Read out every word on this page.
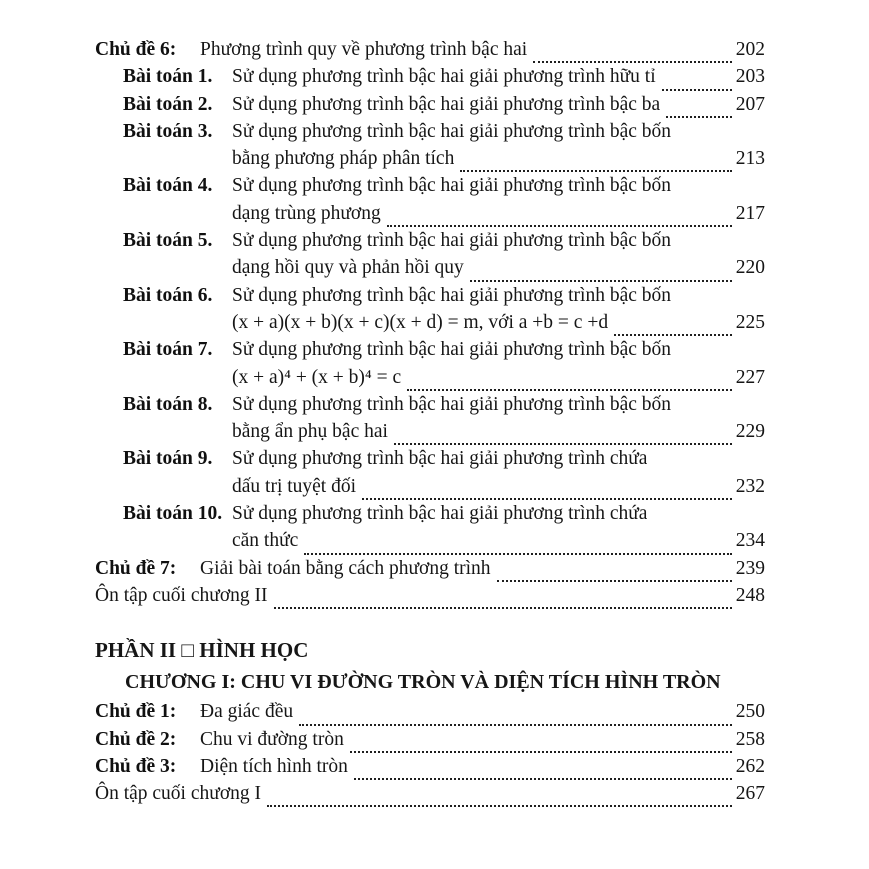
Chủ đề 6:	Phương trình quy về phương trình bậc hai	202
Bài toán 1.	Sử dụng phương trình bậc hai giải phương trình hữu tỉ	203
Bài toán 2.	Sử dụng phương trình bậc hai giải phương trình bậc ba	207
Bài toán 3.	Sử dụng phương trình bậc hai giải phương trình bậc bốn
bằng phương pháp phân tích	213
Bài toán 4.	Sử dụng phương trình bậc hai giải phương trình bậc bốn
dạng trùng phương	217
Bài toán 5.	Sử dụng phương trình bậc hai giải phương trình bậc bốn
dạng hồi quy và phản hồi quy	220
Bài toán 6.	Sử dụng phương trình bậc hai giải phương trình bậc bốn
(x + a)(x + b)(x + c)(x + d) = m, với a +b = c +d	225
Bài toán 7.	Sử dụng phương trình bậc hai giải phương trình bậc bốn
(x + a)⁴ + (x + b)⁴ = c	227
Bài toán 8.	Sử dụng phương trình bậc hai giải phương trình bậc bốn
bằng ẩn phụ bậc hai	229
Bài toán 9.	Sử dụng phương trình bậc hai giải phương trình chứa
dấu trị tuyệt đối	232
Bài toán 10. Sử dụng phương trình bậc hai giải phương trình chứa
căn thức	234
Chủ đề 7:	Giải bài toán bằng cách phương trình	239
Ôn tập cuối chương II	248
PHẦN II □ HÌNH HỌC
CHƯƠNG I: CHU VI ĐƯỜNG TRÒN VÀ DIỆN TÍCH HÌNH TRÒN
Chủ đề 1:	Đa giác đều	250
Chủ đề 2:	Chu vi đường tròn	258
Chủ đề 3:	Diện tích hình tròn	262
Ôn tập cuối chương I	267
